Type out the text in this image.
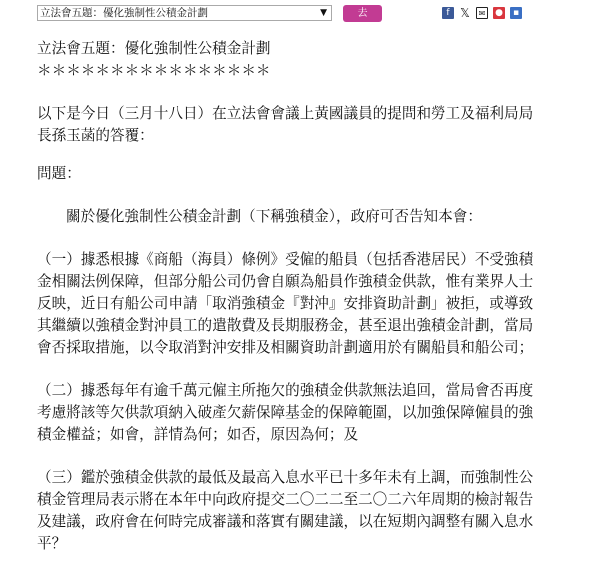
立法會五題：優化強制性公積金計劃	▼	去	f 𝕏	✉ ●	▪
立法會五題：優化強制性公積金計劃
＊＊＊＊＊＊＊＊＊＊＊＊＊＊＊＊
以下是今日（三月十八日）在立法會會議上黃國議員的提問和勞工及福利局局
長孫玉菡的答覆：
問題：
關於優化強制性公積金計劃（下稱強積金），政府可否告知本會：
（一）據悉根據《商船（海員）條例》受僱的船員（包括香港居民）不受強積
金相關法例保障，但部分船公司仍會自願為船員作強積金供款，惟有業界人士
反映，近日有船公司申請「取消強積金『對沖』安排資助計劃」被拒，或導致
其繼續以強積金對沖員工的遣散費及長期服務金，甚至退出強積金計劃，當局
會否採取措施，以令取消對沖安排及相關資助計劃適用於有關船員和船公司；
（二）據悉每年有逾千萬元僱主所拖欠的強積金供款無法追回，當局會否再度
考慮將該等欠供款項納入破產欠薪保障基金的保障範圍，以加強保障僱員的強
積金權益；如會，詳情為何；如否，原因為何；及
（三）鑑於強積金供款的最低及最高入息水平已十多年未有上調，而強制性公
積金管理局表示將在本年中向政府提交二〇二二至二〇二六年周期的檢討報告
及建議，政府會在何時完成審議和落實有關建議，以在短期內調整有關入息水
平？
